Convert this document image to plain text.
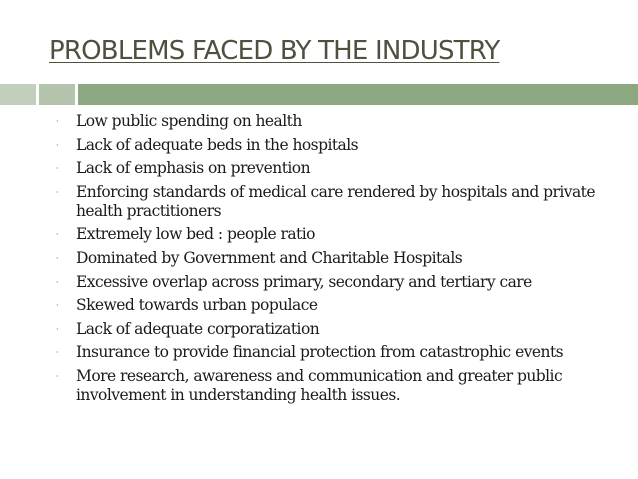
PROBLEMS FACED BY THE INDUSTRY
⸱ Low public spending on health
⸱ Lack of adequate beds in the hospitals
⸱ Lack of emphasis on prevention
⸱ Enforcing standards of medical care rendered by hospitals and private health practitioners
⸱ Extremely low bed : people ratio
⸱ Dominated by Government and Charitable Hospitals
⸱ Excessive overlap across primary, secondary and tertiary care
⸱ Skewed towards urban populace
⸱ Lack of adequate corporatization
⸱ Insurance to provide financial protection from catastrophic events
⸱ More research, awareness and communication and greater public involvement in understanding health issues.
